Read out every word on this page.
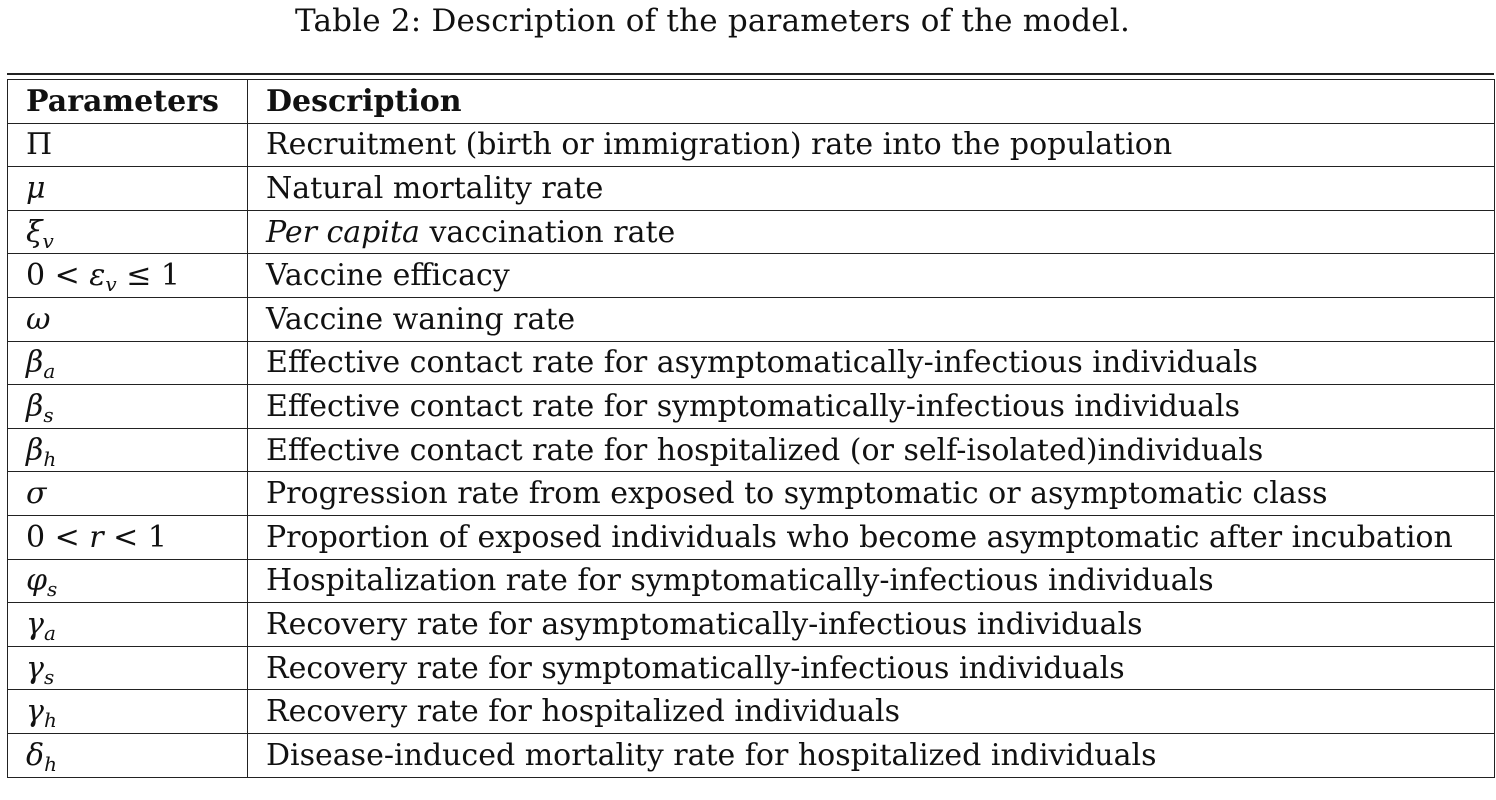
Table 2: Description of the parameters of the model.
Parameters	Description
Π	Recruitment (birth or immigration) rate into the population
μ	Natural mortality rate
$\xi_v$	Per capita vaccination rate
$0 < \varepsilon_v \le 1$	Vaccine efficacy
ω	Vaccine waning rate
$\beta_a$	Effective contact rate for asymptomatically-infectious individuals
$\beta_s$	Effective contact rate for symptomatically-infectious individuals
$\beta_h$	Effective contact rate for hospitalized (or self-isolated)individuals
σ	Progression rate from exposed to symptomatic or asymptomatic class
0 < r < 1	Proportion of exposed individuals who become asymptomatic after incubation
$\varphi_s$	Hospitalization rate for symptomatically-infectious individuals
$\gamma_a$	Recovery rate for asymptomatically-infectious individuals
$\gamma_s$	Recovery rate for symptomatically-infectious individuals
$\gamma_h$	Recovery rate for hospitalized individuals
$\delta_h$	Disease-induced mortality rate for hospitalized individuals
